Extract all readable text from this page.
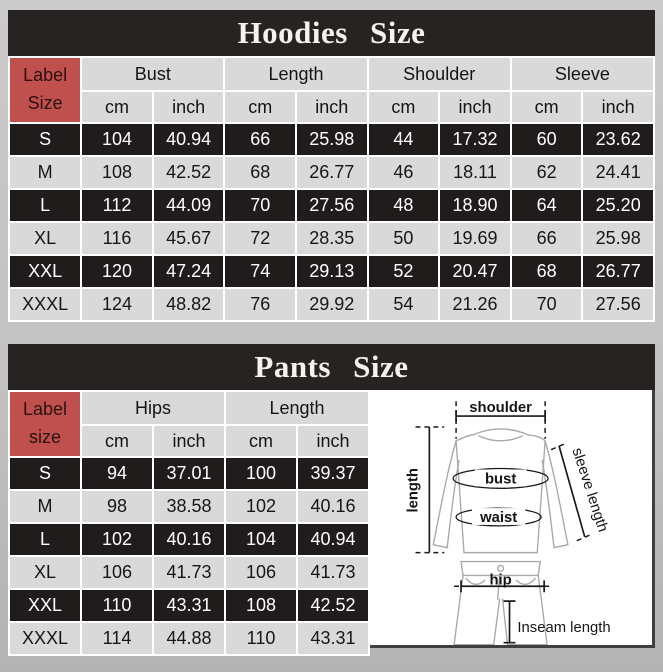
Hoodies Size
Label
Size	Bust		Length		Shoulder		Sleeve	
	cm	inch	cm	inch	cm	inch	cm	inch
S	104	40.94	66	25.98	44	17.32	60	23.62
M	108	42.52	68	26.77	46	18.11	62	24.41
L	112	44.09	70	27.56	48	18.90	64	25.20
XL	116	45.67	72	28.35	50	19.69	66	25.98
XXL	120	47.24	74	29.13	52	20.47	68	26.77
XXXL	124	48.82	76	29.92	54	21.26	70	27.56
Pants Size
Label
size	Hips		Length	
	cm	inch	cm	inch
S	94	37.01	100	39.37
M	98	38.58	102	40.16
L	102	40.16	104	40.94
XL	106	41.73	106	41.73
XXL	110	43.31	108	42.52
XXXL	114	44.88	110	43.31
shoulder
length	sleeve length
bust
waist
hip
Inseam length
